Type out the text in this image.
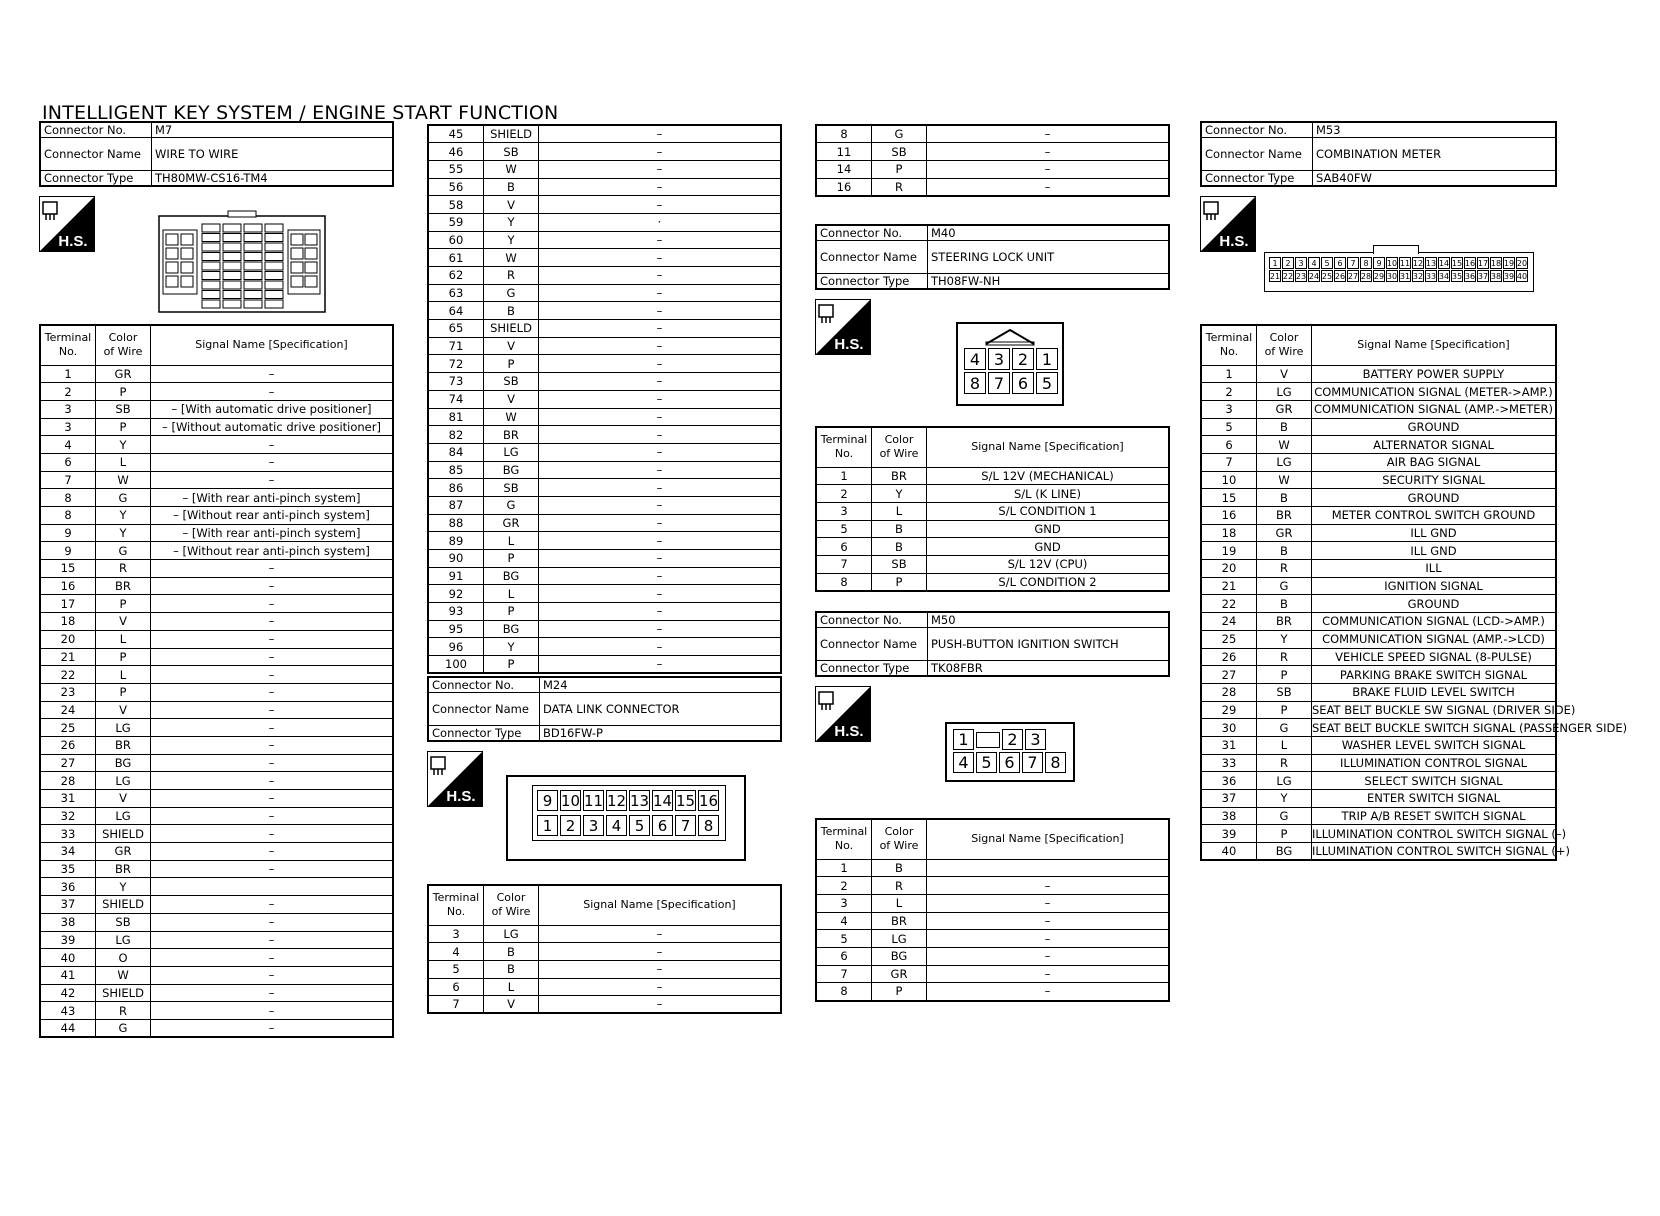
INTELLIGENT KEY SYSTEM / ENGINE START FUNCTION
Connector No.	M7
Connector Name	WIRE TO WIRE
Connector Type	TH80MW-CS16-TM4
H.S.
Terminal
No.	Color
of Wire	Signal Name [Specification]
1	GR	–
2	P	–
3	SB	– [With automatic drive positioner]
3	P	– [Without automatic drive positioner]
4	Y	–
6	L	–
7	W	–
8	G	– [With rear anti-pinch system]
8	Y	– [Without rear anti-pinch system]
9	Y	– [With rear anti-pinch system]
9	G	– [Without rear anti-pinch system]
15	R	–
16	BR	–
17	P	–
18	V	–
20	L	–
21	P	–
22	L	–
23	P	–
24	V	–
25	LG	–
26	BR	–
27	BG	–
28	LG	–
31	V	–
32	LG	–
33	SHIELD	–
34	GR	–
35	BR	–
36	Y	
37	SHIELD	–
38	SB	–
39	LG	–
40	O	–
41	W	–
42	SHIELD	–
43	R	–
44	G	–
45	SHIELD	–
46	SB	–
55	W	–
56	B	–
58	V	–
59	Y	·
60	Y	–
61	W	–
62	R	–
63	G	–
64	B	–
65	SHIELD	–
71	V	–
72	P	–
73	SB	–
74	V	–
81	W	–
82	BR	–
84	LG	–
85	BG	–
86	SB	–
87	G	–
88	GR	–
89	L	–
90	P	–
91	BG	–
92	L	–
93	P	–
95	BG	–
96	Y	–
100	P	–
Connector No.	M24
Connector Name	DATA LINK CONNECTOR
Connector Type	BD16FW-P
H.S.	9 10 11 12 13 14 15 16
1 2 3 4 5 6 7 8
Terminal
No.	Color
of Wire	Signal Name [Specification]
3	LG	–
4	B	–
5	B	–
6	L	–
7	V	–
8	G	–
11	SB	–
14	P	–
16	R	–
Connector No.	M40
Connector Name	STEERING LOCK UNIT
Connector Type	TH08FW-NH
H.S.
4 3 2 1
8 7 6 5
Terminal
No.	Color
of Wire	Signal Name [Specification]
1	BR	S/L 12V (MECHANICAL)
2	Y	S/L (K LINE)
3	L	S/L CONDITION 1
5	B	GND
6	B	GND
7	SB	S/L 12V (CPU)
8	P	S/L CONDITION 2
Connector No.	M50
Connector Name	PUSH-BUTTON IGNITION SWITCH
Connector Type	TK08FBR
H.S.	1	2 3
4 5 6 7 8
Terminal
No.	Color
of Wire	Signal Name [Specification]
1	B	
2	R	–
3	L	–
4	BR	–
5	LG	–
6	BG	–
7	GR	–
8	P	–
Connector No.	M53
Connector Name	COMBINATION METER
Connector Type	SAB40FW
H.S.
1 2 3 4 5 6 7 8 9 10 11 12 13 14 15 16 17 18 19 20
21 22 23 24 25 26 27 28 29 30 31 32 33 34 35 36 37 38 39 40
Terminal
No.	Color
of Wire	Signal Name [Specification]
1	V	BATTERY POWER SUPPLY
2	LG	COMMUNICATION SIGNAL (METER->AMP.)
3	GR	COMMUNICATION SIGNAL (AMP.->METER)
5	B	GROUND
6	W	ALTERNATOR SIGNAL
7	LG	AIR BAG SIGNAL
10	W	SECURITY SIGNAL
15	B	GROUND
16	BR	METER CONTROL SWITCH GROUND
18	GR	ILL GND
19	B	ILL GND
20	R	ILL
21	G	IGNITION SIGNAL
22	B	GROUND
24	BR	COMMUNICATION SIGNAL (LCD->AMP.)
25	Y	COMMUNICATION SIGNAL (AMP.->LCD)
26	R	VEHICLE SPEED SIGNAL (8-PULSE)
27	P	PARKING BRAKE SWITCH SIGNAL
28	SB	BRAKE FLUID LEVEL SWITCH
29	P	SEAT BELT BUCKLE SW SIGNAL (DRIVER SIDE)
30	G	SEAT BELT BUCKLE SWITCH SIGNAL (PASSENGER SIDE)
31	L	WASHER LEVEL SWITCH SIGNAL
33	R	ILLUMINATION CONTROL SIGNAL
36	LG	SELECT SWITCH SIGNAL
37	Y	ENTER SWITCH SIGNAL
38	G	TRIP A/B RESET SWITCH SIGNAL
39	P	ILLUMINATION CONTROL SWITCH SIGNAL (–)
40	BG	ILLUMINATION CONTROL SWITCH SIGNAL (+)
